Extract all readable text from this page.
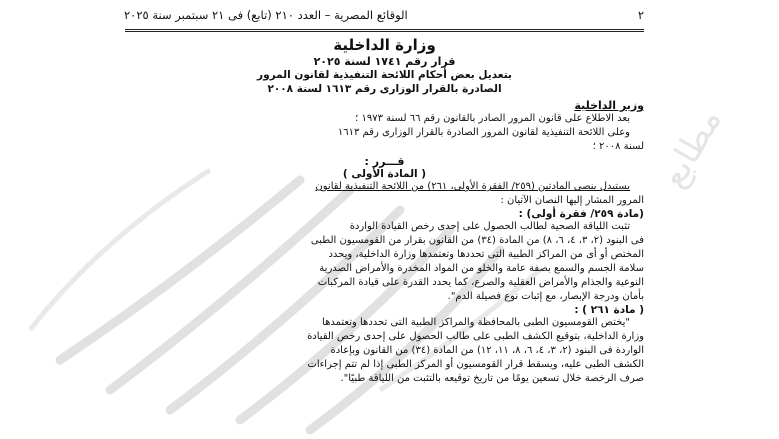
٢
الوقائع المصرية – العدد ٢١٠ (تابع) فى ٢١ سبتمبر سنة ٢٠٢٥
مطابع
وزارة الداخلية
قرار رقم ١٧٤١ لسنة ٢٠٢٥
بتعديل بعض أحكام اللائحة التنفيذية لقانون المرور
الصادرة بالقرار الوزارى رقم ١٦١٣ لسنة ٢٠٠٨
وزير الداخلية
بعد الاطلاع على قانون المرور الصادر بالقانون رقم ٦٦ لسنة ١٩٧٣ ؛
وعلى اللائحة التنفيذية لقانون المرور الصادرة بالقرار الوزارى رقم ١٦١٣
لسنة ٢٠٠٨ ؛
قـــرر :
( المادة الأولى )
يستبدل بنصى المادتين (٢٥٩/ الفقرة الأولى، ٢٦١) من اللائحة التنفيذية لقانون
المرور المشار إليها النصان الآتيان :
(مادة ٢٥٩/ فقرة أولى) :
تثبت اللياقة الصحية لطالب الحصول على إحدى رخص القيادة الواردة
فى البنود (٢، ٣، ٤، ٦، ٨) من المادة (٣٤) من القانون بقرار من القومسيون الطبى
المختص أو أى من المراكز الطبية التى تحددها وتعتمدها وزارة الداخلية، ويحدد
سلامة الجسم والسمع بصفة عامة والخلو من المواد المخدرة والأمراض الصدرية
النوعية والجذام والأمراض العقلية والصرع، كما يحدد القدرة على قيادة المركبات
بأمان ودرجة الإبصار، مع إثبات نوع فصيلة الدم".
( مادة ٢٦١ ) :
"يختص القومسيون الطبى بالمحافظة والمراكز الطبية التى تحددها وتعتمدها
وزارة الداخلية، بتوقيع الكشف الطبى على طالب الحصول على إحدى رخص القيادة
الواردة فى البنود (٢، ٣، ٤، ٦، ٨، ١١، ١٢) من المادة (٣٤) من القانون وبإعادة
الكشف الطبى عليه، ويسقط قرار القومسيون أو المركز الطبى إذا لم تتم إجراءات
صرف الرخصة خلال تسعين يومًا من تاريخ توقيعه بالتثبت من اللياقة طبيًا".
